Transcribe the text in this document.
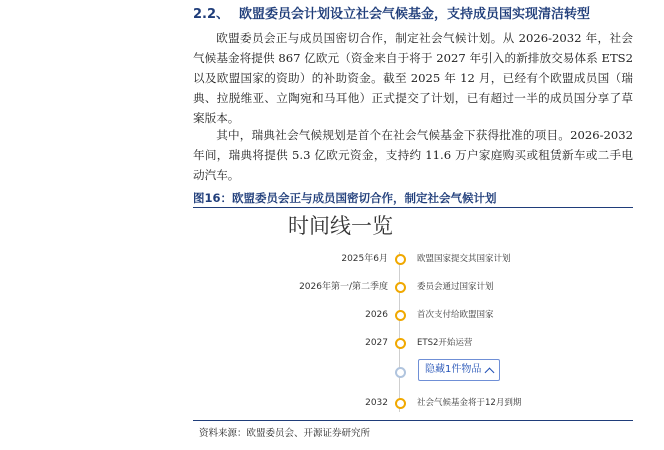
2.2、 欧盟委员会计划设立社会气候基金，支持成员国实现清洁转型
欧盟委员会正与成员国密切合作，制定社会气候计划。从 2026-2032 年，社会气候基金将提供 867 亿欧元（资金来自于将于 2027 年引入的新排放交易体系 ETS2 以及欧盟国家的资助）的补助资金。截至 2025 年 12 月，已经有个欧盟成员国（瑞典、拉脱维亚、立陶宛和马耳他）正式提交了计划，已有超过一半的成员国分享了草案版本。
其中，瑞典社会气候规划是首个在社会气候基金下获得批准的项目。2026-2032 年间，瑞典将提供 5.3 亿欧元资金，支持约 11.6 万户家庭购买或租赁新车或二手电动汽车。
图16：欧盟委员会正与成员国密切合作，制定社会气候计划
时间线一览
2025年6月	欧盟国家提交其国家计划
2026年第一/第二季度	委员会通过国家计划
2026	首次支付给欧盟国家
2027	ETS2开始运营
隐藏1件物品
2032	社会气候基金将于12月到期
资料来源：欧盟委员会、开源证券研究所
